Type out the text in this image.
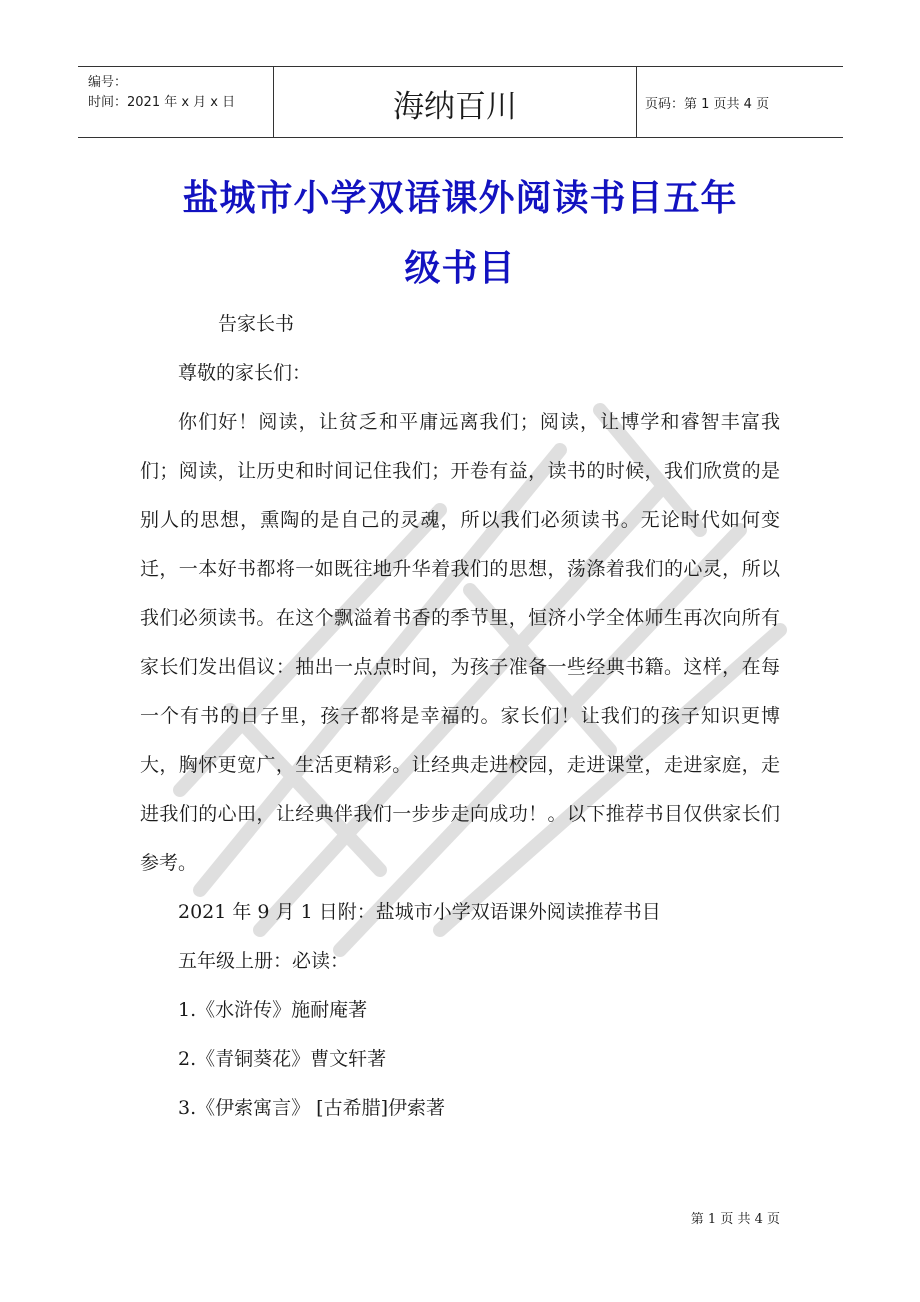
编号：
时间：2021 年 x 月 x 日	海纳百川	页码：第 1 页共 4 页
盐城市小学双语课外阅读书目五年
级书目
告家长书
尊敬的家长们：
你们好！阅读，让贫乏和平庸远离我们；阅读，让博学和睿智丰富我们；阅读，让历史和时间记住我们；开卷有益，读书的时候，我们欣赏的是别人的思想，熏陶的是自己的灵魂，所以我们必须读书。无论时代如何变迁，一本好书都将一如既往地升华着我们的思想，荡涤着我们的心灵，所以我们必须读书。在这个飘溢着书香的季节里，恒济小学全体师生再次向所有家长们发出倡议：抽出一点点时间，为孩子准备一些经典书籍。这样，在每一个有书的日子里，孩子都将是幸福的。家长们！让我们的孩子知识更博大，胸怀更宽广，生活更精彩。让经典走进校园，走进课堂，走进家庭，走进我们的心田，让经典伴我们一步步走向成功！。以下推荐书目仅供家长们参考。
2021 年 9 月 1 日附：盐城市小学双语课外阅读推荐书目
五年级上册：必读：
1.《水浒传》施耐庵著
2.《青铜葵花》曹文轩著
3.《伊索寓言》 [古希腊]伊索著
第 1 页 共 4 页
